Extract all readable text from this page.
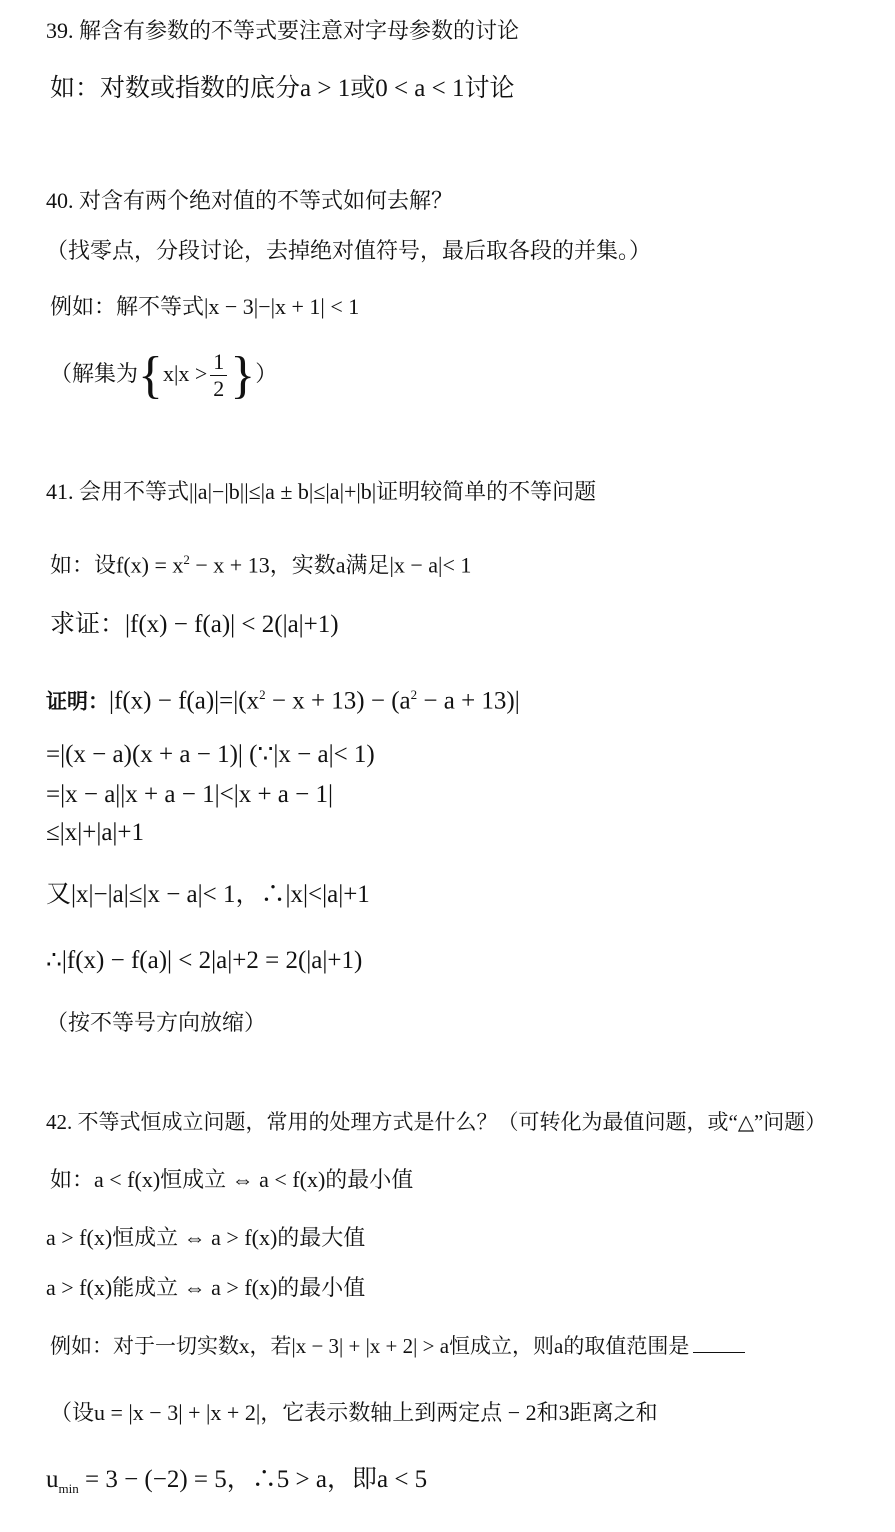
39. 解含有参数的不等式要注意对字母参数的讨论
如：对数或指数的底分a > 1或0 < a < 1讨论
40. 对含有两个绝对值的不等式如何去解？
（找零点，分段讨论，去掉绝对值符号，最后取各段的并集。）
例如：解不等式|x − 3|−|x + 1| < 1
（解集为{$x|x > \frac{1}{2}$ }）
41. 会用不等式||a|−|b||≤|a ± b|≤|a|+|b|证明较简单的不等问题
如：设$f(x) = x^2 - x + 13$，实数a满足|x − a|< 1
求证：|f(x) − f(a)| < 2(|a|+1)
证明：$|f(x) - f(a)|=|(x^2 - x + 13) - (a^2 - a + 13)|$
=|(x − a)(x + a − 1)| (∵|x − a|< 1)
=|x − a||x + a − 1|<|x + a − 1|
≤|x|+|a|+1
又|x|−|a|≤|x − a|< 1，∴|x|<|a|+1
∴|f(x) − f(a)| < 2|a|+2 = 2(|a|+1)
（按不等号方向放缩）
42. 不等式恒成立问题，常用的处理方式是什么？（可转化为最值问题，或“△”问题）
如：a < f(x)恒成立 ⇔ a < f(x)的最小值
a > f(x)恒成立 ⇔ a > f(x)的最大值
a > f(x)能成立 ⇔ a > f(x)的最小值
例如：对于一切实数x，若|x − 3| + |x + 2| > a恒成立，则a的取值范围是
（设u = |x − 3| + |x + 2|，它表示数轴上到两定点 − 2和3距离之和
$u_{min} = 3 - (-2) = 5$，∴5 > a，即a < 5
